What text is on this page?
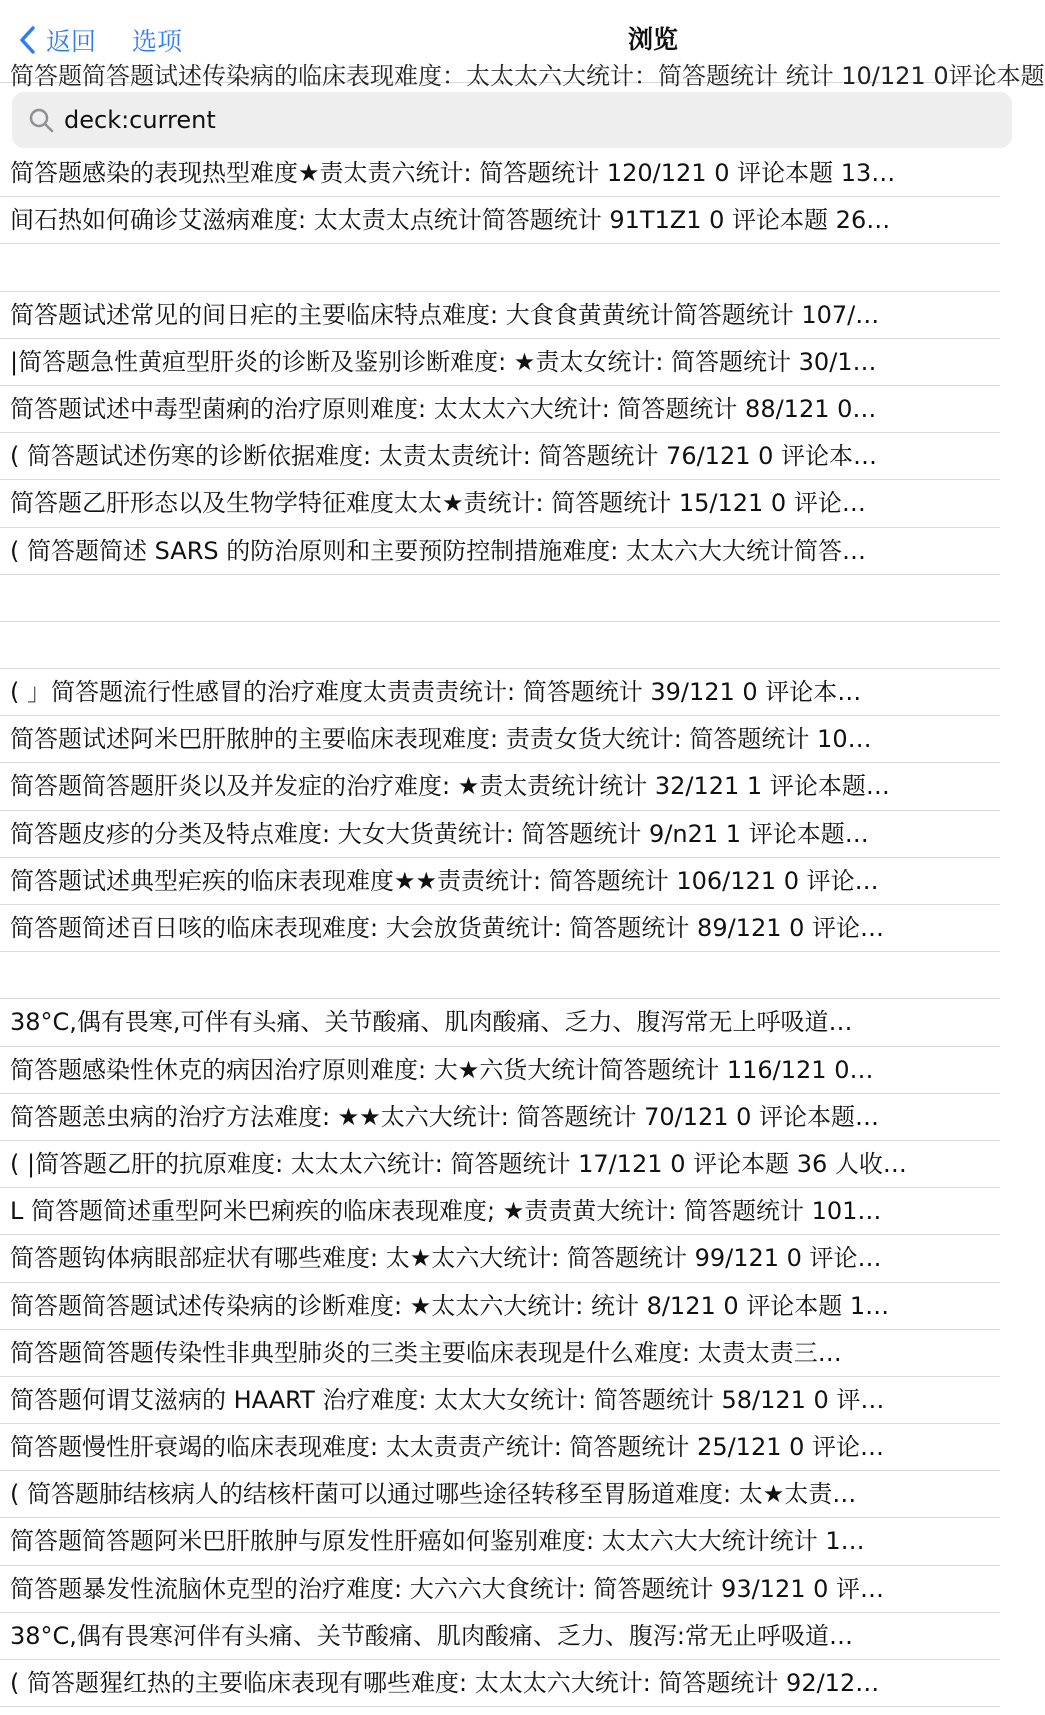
返回 选项	浏览
简答题简答题试述传染病的临床表现难度：太太太六大统计：简答题统计 统计 10/121 0评论本题
deck:current
简答题感染的表现热型难度★责太责六统计: 简答题统计 120/121 0 评论本题 13…
间石热如何确诊艾滋病难度: 太太责太点统计简答题统计 91T1Z1 0 评论本题 26…
简答题试述常见的间日疟的主要临床特点难度: 大食食黄黄统计简答题统计 107/…
|简答题急性黄疸型肝炎的诊断及鉴别诊断难度: ★责太女统计: 简答题统计 30/1…
简答题试述中毒型菌痢的治疗原则难度: 太太太六大统计: 简答题统计 88/121 0…
( 简答题试述伤寒的诊断依据难度: 太责太责统计: 简答题统计 76/121 0 评论本…
简答题乙肝形态以及生物学特征难度太太★责统计: 简答题统计 15/121 0 评论…
( 简答题简述 SARS 的防治原则和主要预防控制措施难度: 太太六大大统计简答…
( 」简答题流行性感冒的治疗难度太责责责统计: 简答题统计 39/121 0 评论本…
简答题试述阿米巴肝脓肿的主要临床表现难度: 责责女货大统计: 简答题统计 10…
简答题简答题肝炎以及并发症的治疗难度: ★责太责统计统计 32/121 1 评论本题…
简答题皮疹的分类及特点难度: 大女大货黄统计: 简答题统计 9/n21 1 评论本题…
简答题试述典型疟疾的临床表现难度★★责责统计: 简答题统计 106/121 0 评论…
简答题简述百日咳的临床表现难度: 大会放货黄统计: 简答题统计 89/121 0 评论…
38°C,偶有畏寒,可伴有头痛、关节酸痛、肌肉酸痛、乏力、腹泻常无上呼吸道…
简答题感染性休克的病因治疗原则难度: 大★六货大统计简答题统计 116/121 0…
简答题恙虫病的治疗方法难度: ★★太六大统计: 简答题统计 70/121 0 评论本题…
( |简答题乙肝的抗原难度: 太太太六统计: 简答题统计 17/121 0 评论本题 36 人收…
L 简答题简述重型阿米巴痢疾的临床表现难度; ★责责黄大统计: 简答题统计 101…
简答题钩体病眼部症状有哪些难度: 太★太六大统计: 简答题统计 99/121 0 评论…
简答题简答题试述传染病的诊断难度: ★太太六大统计: 统计 8/121 0 评论本题 1…
简答题简答题传染性非典型肺炎的三类主要临床表现是什么难度: 太责太责三…
简答题何谓艾滋病的 HAART 治疗难度: 太太大女统计: 简答题统计 58/121 0 评…
简答题慢性肝衰竭的临床表现难度: 太太责责产统计: 简答题统计 25/121 0 评论…
( 简答题肺结核病人的结核杆菌可以通过哪些途径转移至胃肠道难度: 太★太责…
简答题简答题阿米巴肝脓肿与原发性肝癌如何鉴别难度: 太太六大大统计统计 1…
简答题暴发性流脑休克型的治疗难度: 大六六大食统计: 简答题统计 93/121 0 评…
38°C,偶有畏寒河伴有头痛、关节酸痛、肌肉酸痛、乏力、腹泻:常无止呼吸道…
( 简答题猩红热的主要临床表现有哪些难度: 太太太六大统计: 简答题统计 92/12…
